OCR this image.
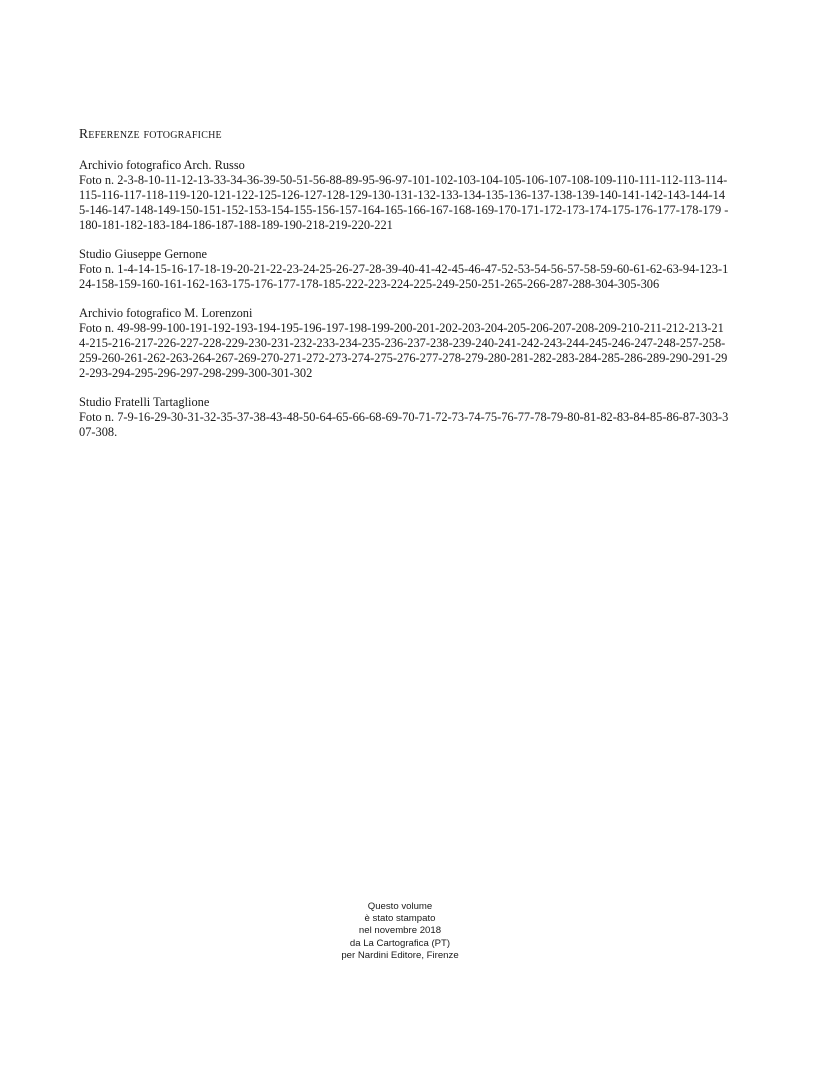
Referenze fotografiche
Archivio fotografico Arch. Russo
Foto n. 2-3-8-10-11-12-13-33-34-36-39-50-51-56-88-89-95-96-97-101-102-103-104-105-106-107-108-109-110-111-112-113-114-115-116-117-118-119-120-121-122-125-126-127-128-129-130-131-132-133-134-135-136-137-138-139-140-141-142-143-144-145-146-147-148-149-150-151-152-153-154-155-156-157-164-165-166-167-168-169-170-171-172-173-174-175-176-177-178-179 -180-181-182-183-184-186-187-188-189-190-218-219-220-221
Studio Giuseppe Gernone
Foto n. 1-4-14-15-16-17-18-19-20-21-22-23-24-25-26-27-28-39-40-41-42-45-46-47-52-53-54-56-57-58-59-60-61-62-63-94-123-124-158-159-160-161-162-163-175-176-177-178-185-222-223-224-225-249-250-251-265-266-287-288-304-305-306
Archivio fotografico M. Lorenzoni
Foto n. 49-98-99-100-191-192-193-194-195-196-197-198-199-200-201-202-203-204-205-206-207-208-209-210-211-212-213-214-215-216-217-226-227-228-229-230-231-232-233-234-235-236-237-238-239-240-241-242-243-244-245-246-247-248-257-258-259-260-261-262-263-264-267-269-270-271-272-273-274-275-276-277-278-279-280-281-282-283-284-285-286-289-290-291-292-293-294-295-296-297-298-299-300-301-302
Studio Fratelli Tartaglione
Foto n. 7-9-16-29-30-31-32-35-37-38-43-48-50-64-65-66-68-69-70-71-72-73-74-75-76-77-78-79-80-81-82-83-84-85-86-87-303-307-308.
Questo volume
è stato stampato
nel novembre 2018
da La Cartografica (PT)
per Nardini Editore, Firenze
